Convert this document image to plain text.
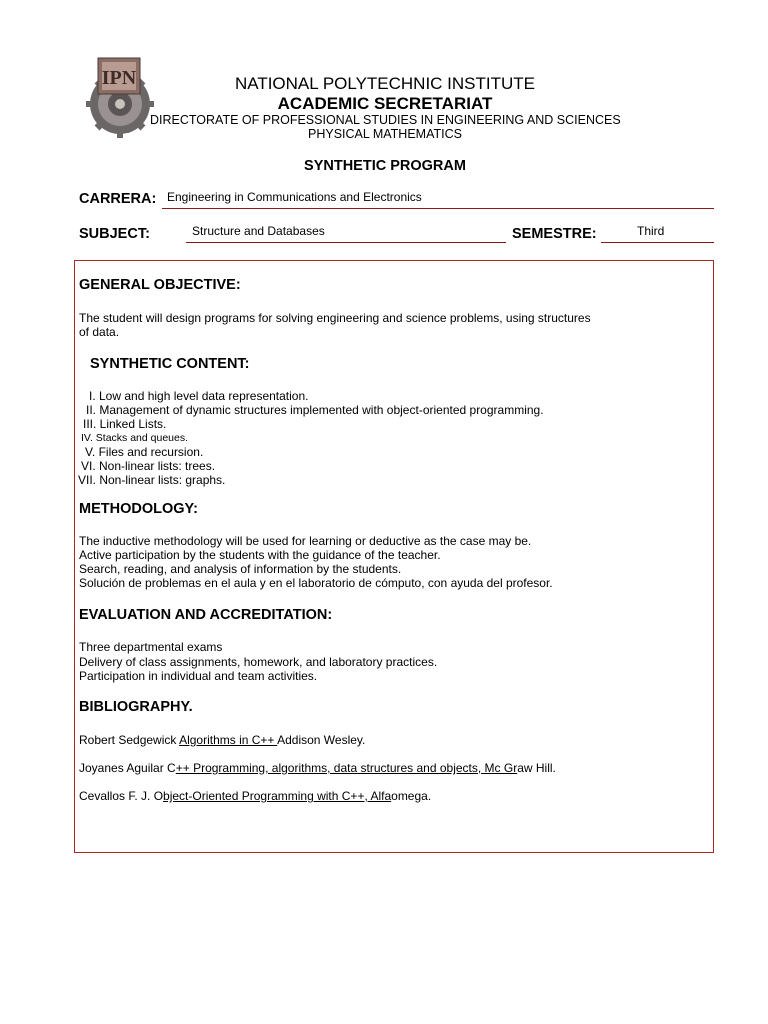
IPN	NATIONAL POLYTECHNIC INSTITUTE
ACADEMIC SECRETARIAT
DIRECTORATE OF PROFESSIONAL STUDIES IN ENGINEERING AND SCIENCES
PHYSICAL MATHEMATICS
SYNTHETIC PROGRAM
CARRERA: Engineering in Communications and Electronics
SUBJECT:	Structure and Databases	SEMESTRE:	Third
GENERAL OBJECTIVE:
The student will design programs for solving engineering and science problems, using structures
of data.
SYNTHETIC CONTENT:
I. Low and high level data representation.
II. Management of dynamic structures implemented with object-oriented programming.
III. Linked Lists.
IV. Stacks and queues.
V. Files and recursion.
VI. Non-linear lists: trees.
VII. Non-linear lists: graphs.
METHODOLOGY:
The inductive methodology will be used for learning or deductive as the case may be.
Active participation by the students with the guidance of the teacher.
Search, reading, and analysis of information by the students.
Solución de problemas en el aula y en el laboratorio de cómputo, con ayuda del profesor.
EVALUATION AND ACCREDITATION:
Three departmental exams
Delivery of class assignments, homework, and laboratory practices.
Participation in individual and team activities.
BIBLIOGRAPHY.
Robert Sedgewick Algorithms in C++ Addison Wesley.
Joyanes Aguilar C++ Programming, algorithms, data structures and objects, Mc Graw Hill.
Cevallos F. J. Object-Oriented Programming with C++, Alfaomega.
